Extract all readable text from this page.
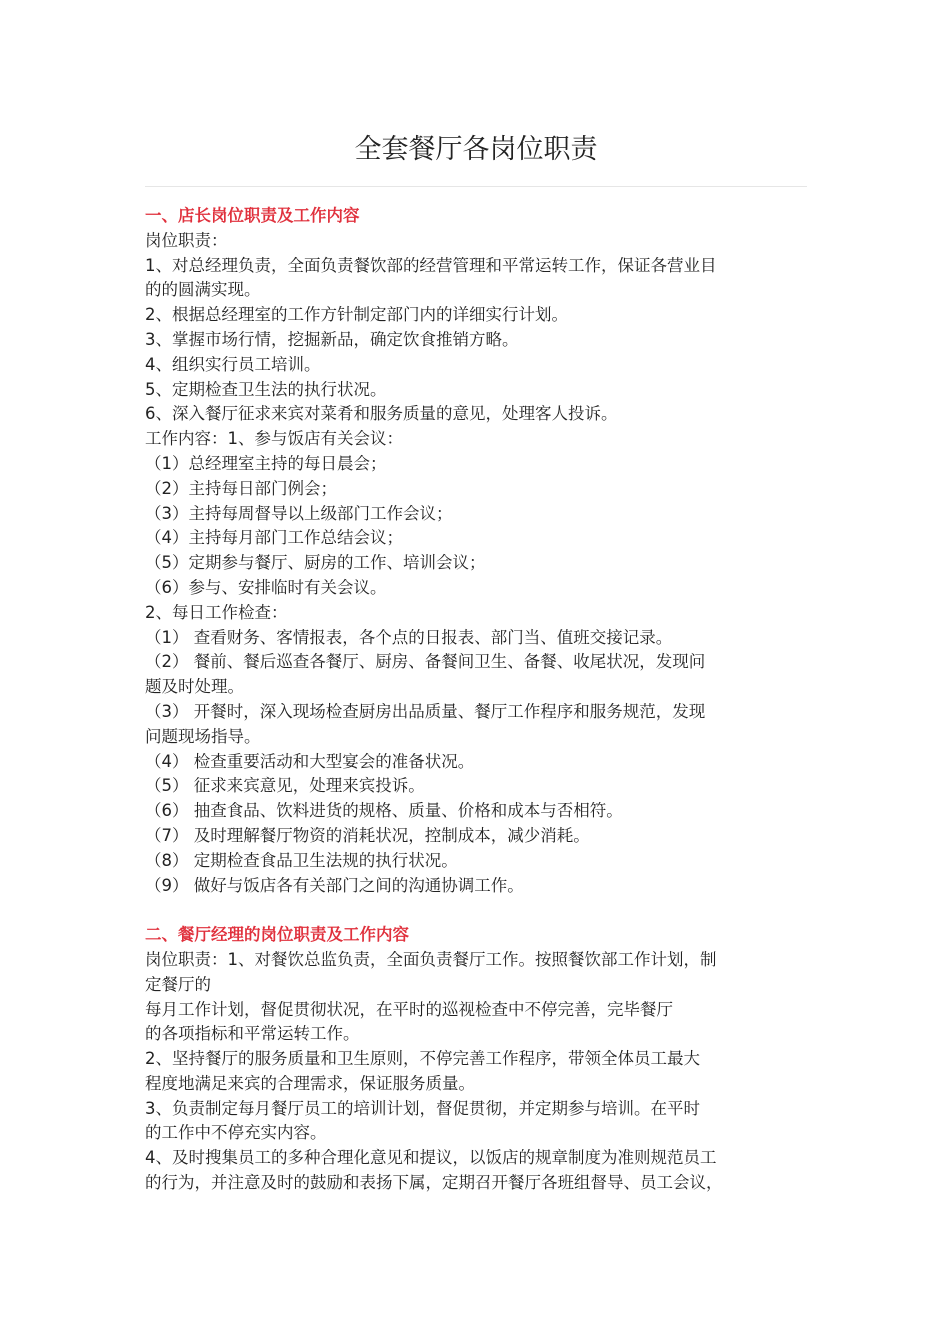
全套餐厅各岗位职责

一、店长岗位职责及工作内容

岗位职责：

1、对总经理负责，全面负责餐饮部的经营管理和平常运转工作，保证各营业目

的的圆满实现。

2、根据总经理室的工作方针制定部门内的详细实行计划。

3、掌握市场行情，挖掘新品，确定饮食推销方略。

4、组织实行员工培训。

5、定期检查卫生法的执行状况。

6、深入餐厅征求来宾对菜肴和服务质量的意见，处理客人投诉。

工作内容：1、参与饭店有关会议：

（1）总经理室主持的每日晨会；

（2）主持每日部门例会；

（3）主持每周督导以上级部门工作会议；

（4）主持每月部门工作总结会议；

（5）定期参与餐厅、厨房的工作、培训会议；

（6）参与、安排临时有关会议。

2、每日工作检查：

（1） 查看财务、客情报表，各个点的日报表、部门当、值班交接记录。

（2） 餐前、餐后巡查各餐厅、厨房、备餐间卫生、备餐、收尾状况，发现问

题及时处理。

（3） 开餐时，深入现场检查厨房出品质量、餐厅工作程序和服务规范，发现

问题现场指导。

（4） 检查重要活动和大型宴会的准备状况。

（5） 征求来宾意见，处理来宾投诉。

（6） 抽查食品、饮料进货的规格、质量、价格和成本与否相符。

（7） 及时理解餐厅物资的消耗状况，控制成本，减少消耗。

（8） 定期检查食品卫生法规的执行状况。

（9） 做好与饭店各有关部门之间的沟通协调工作。

二、餐厅经理的岗位职责及工作内容

岗位职责：1、对餐饮总监负责，全面负责餐厅工作。按照餐饮部工作计划，制

定餐厅的

每月工作计划，督促贯彻状况，在平时的巡视检查中不停完善，完毕餐厅

的各项指标和平常运转工作。

2、坚持餐厅的服务质量和卫生原则，不停完善工作程序，带领全体员工最大

程度地满足来宾的合理需求，保证服务质量。

3、负责制定每月餐厅员工的培训计划，督促贯彻，并定期参与培训。在平时

的工作中不停充实内容。

4、及时搜集员工的多种合理化意见和提议，以饭店的规章制度为准则规范员工

的行为，并注意及时的鼓励和表扬下属，定期召开餐厅各班组督导、员工会议，
